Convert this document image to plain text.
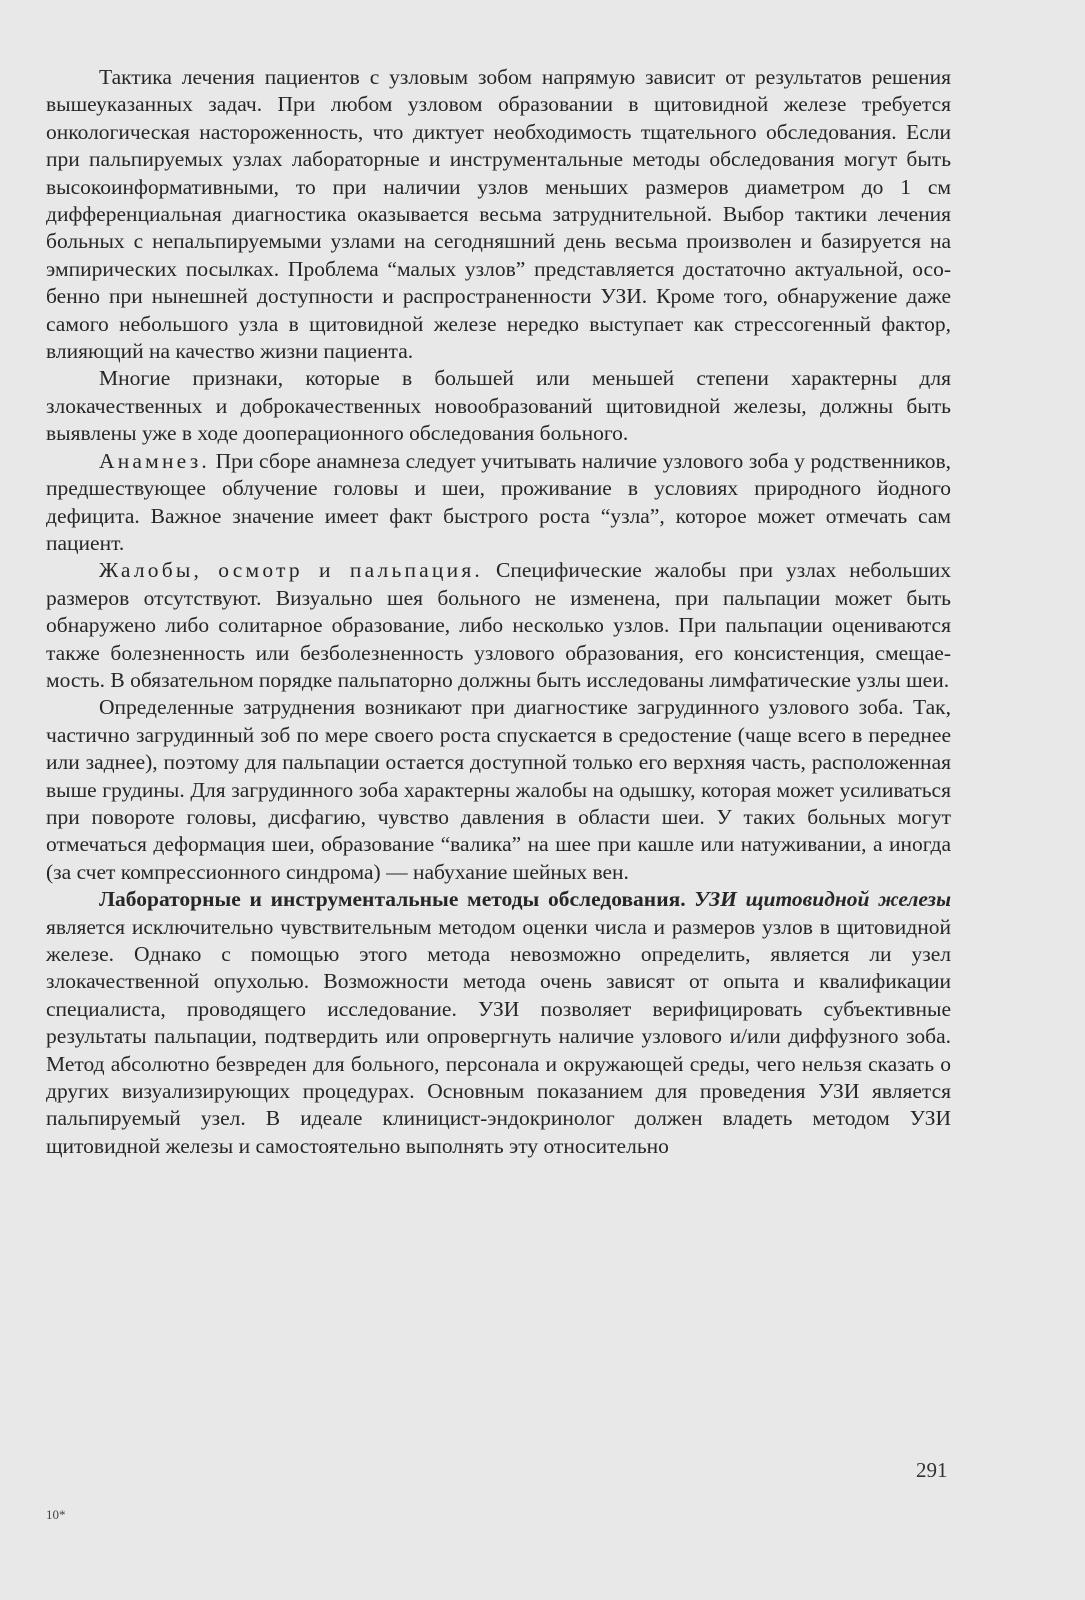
Тактика лечения пациентов с узловым зобом напрямую зависит от результатов решения вышеуказанных задач. При любом узловом образовании в щитовидной железе требуется онкологическая настороженность, что диктует необходимость тщательного обследования. Если при пальпируемых узлах лабораторные и инструментальные методы обследования могут быть высокоинформативными, то при наличии узлов меньших размеров диаметром до 1 см дифференциальная диагностика оказывается весьма затруднительной. Выбор тактики лечения больных с непальпируемыми узлами на сегодняшний день весьма произволен и базируется на эмпирических посылках. Проблема “малых узлов” представляется достаточно актуальной, особенно при нынешней доступности и распространенности УЗИ. Кроме того, обнаружение даже самого небольшого узла в щитовидной железе нередко выступает как стрессогенный фактор, влияющий на качество жизни пациента.

Многие признаки, которые в большей или меньшей степени характерны для злокачественных и доброкачественных новообразований щитовидной железы, должны быть выявлены уже в ходе дооперационного обследования больного.

Анамнез. При сборе анамнеза следует учитывать наличие узлового зоба у родственников, предшествующее облучение головы и шеи, проживание в условиях природного йодного дефицита. Важное значение имеет факт быстрого роста “узла”, которое может отмечать сам пациент.

Жалобы, осмотр и пальпация. Специфические жалобы при узлах небольших размеров отсутствуют. Визуально шея больного не изменена, при пальпации может быть обнаружено либо солитарное образование, либо несколько узлов. При пальпации оцениваются также болезненность или безболезненность узлового образования, его консистенция, смещаемость. В обязательном порядке пальпаторно должны быть исследованы лимфатические узлы шеи.

Определенные затруднения возникают при диагностике загрудинного узлового зоба. Так, частично загрудинный зоб по мере своего роста спускается в средостение (чаще всего в переднее или заднее), поэтому для пальпации остается доступной только его верхняя часть, расположенная выше грудины. Для загрудинного зоба характерны жалобы на одышку, которая может усиливаться при повороте головы, дисфагию, чувство давления в области шеи. У таких больных могут отмечаться деформация шеи, образование “валика” на шее при кашле или натуживании, а иногда (за счет компрессионного синдрома) — набухание шейных вен.

Лабораторные и инструментальные методы обследования. УЗИ щитовидной железы является исключительно чувствительным методом оценки числа и размеров узлов в щитовидной железе. Однако с помощью этого метода невозможно определить, является ли узел злокачественной опухолью. Возможности метода очень зависят от опыта и квалификации специалиста, проводящего исследование. УЗИ позволяет верифицировать субъективные результаты пальпации, подтвердить или опровергнуть наличие узлового и/или диффузного зоба. Метод абсолютно безвреден для больного, персонала и окружающей среды, чего нельзя сказать о других визуализирующих процедурах. Основным показанием для проведения УЗИ является пальпируемый узел. В идеале клиницист-эндокринолог должен владеть методом УЗИ щитовидной железы и самостоятельно выполнять эту относительно

291
10*
